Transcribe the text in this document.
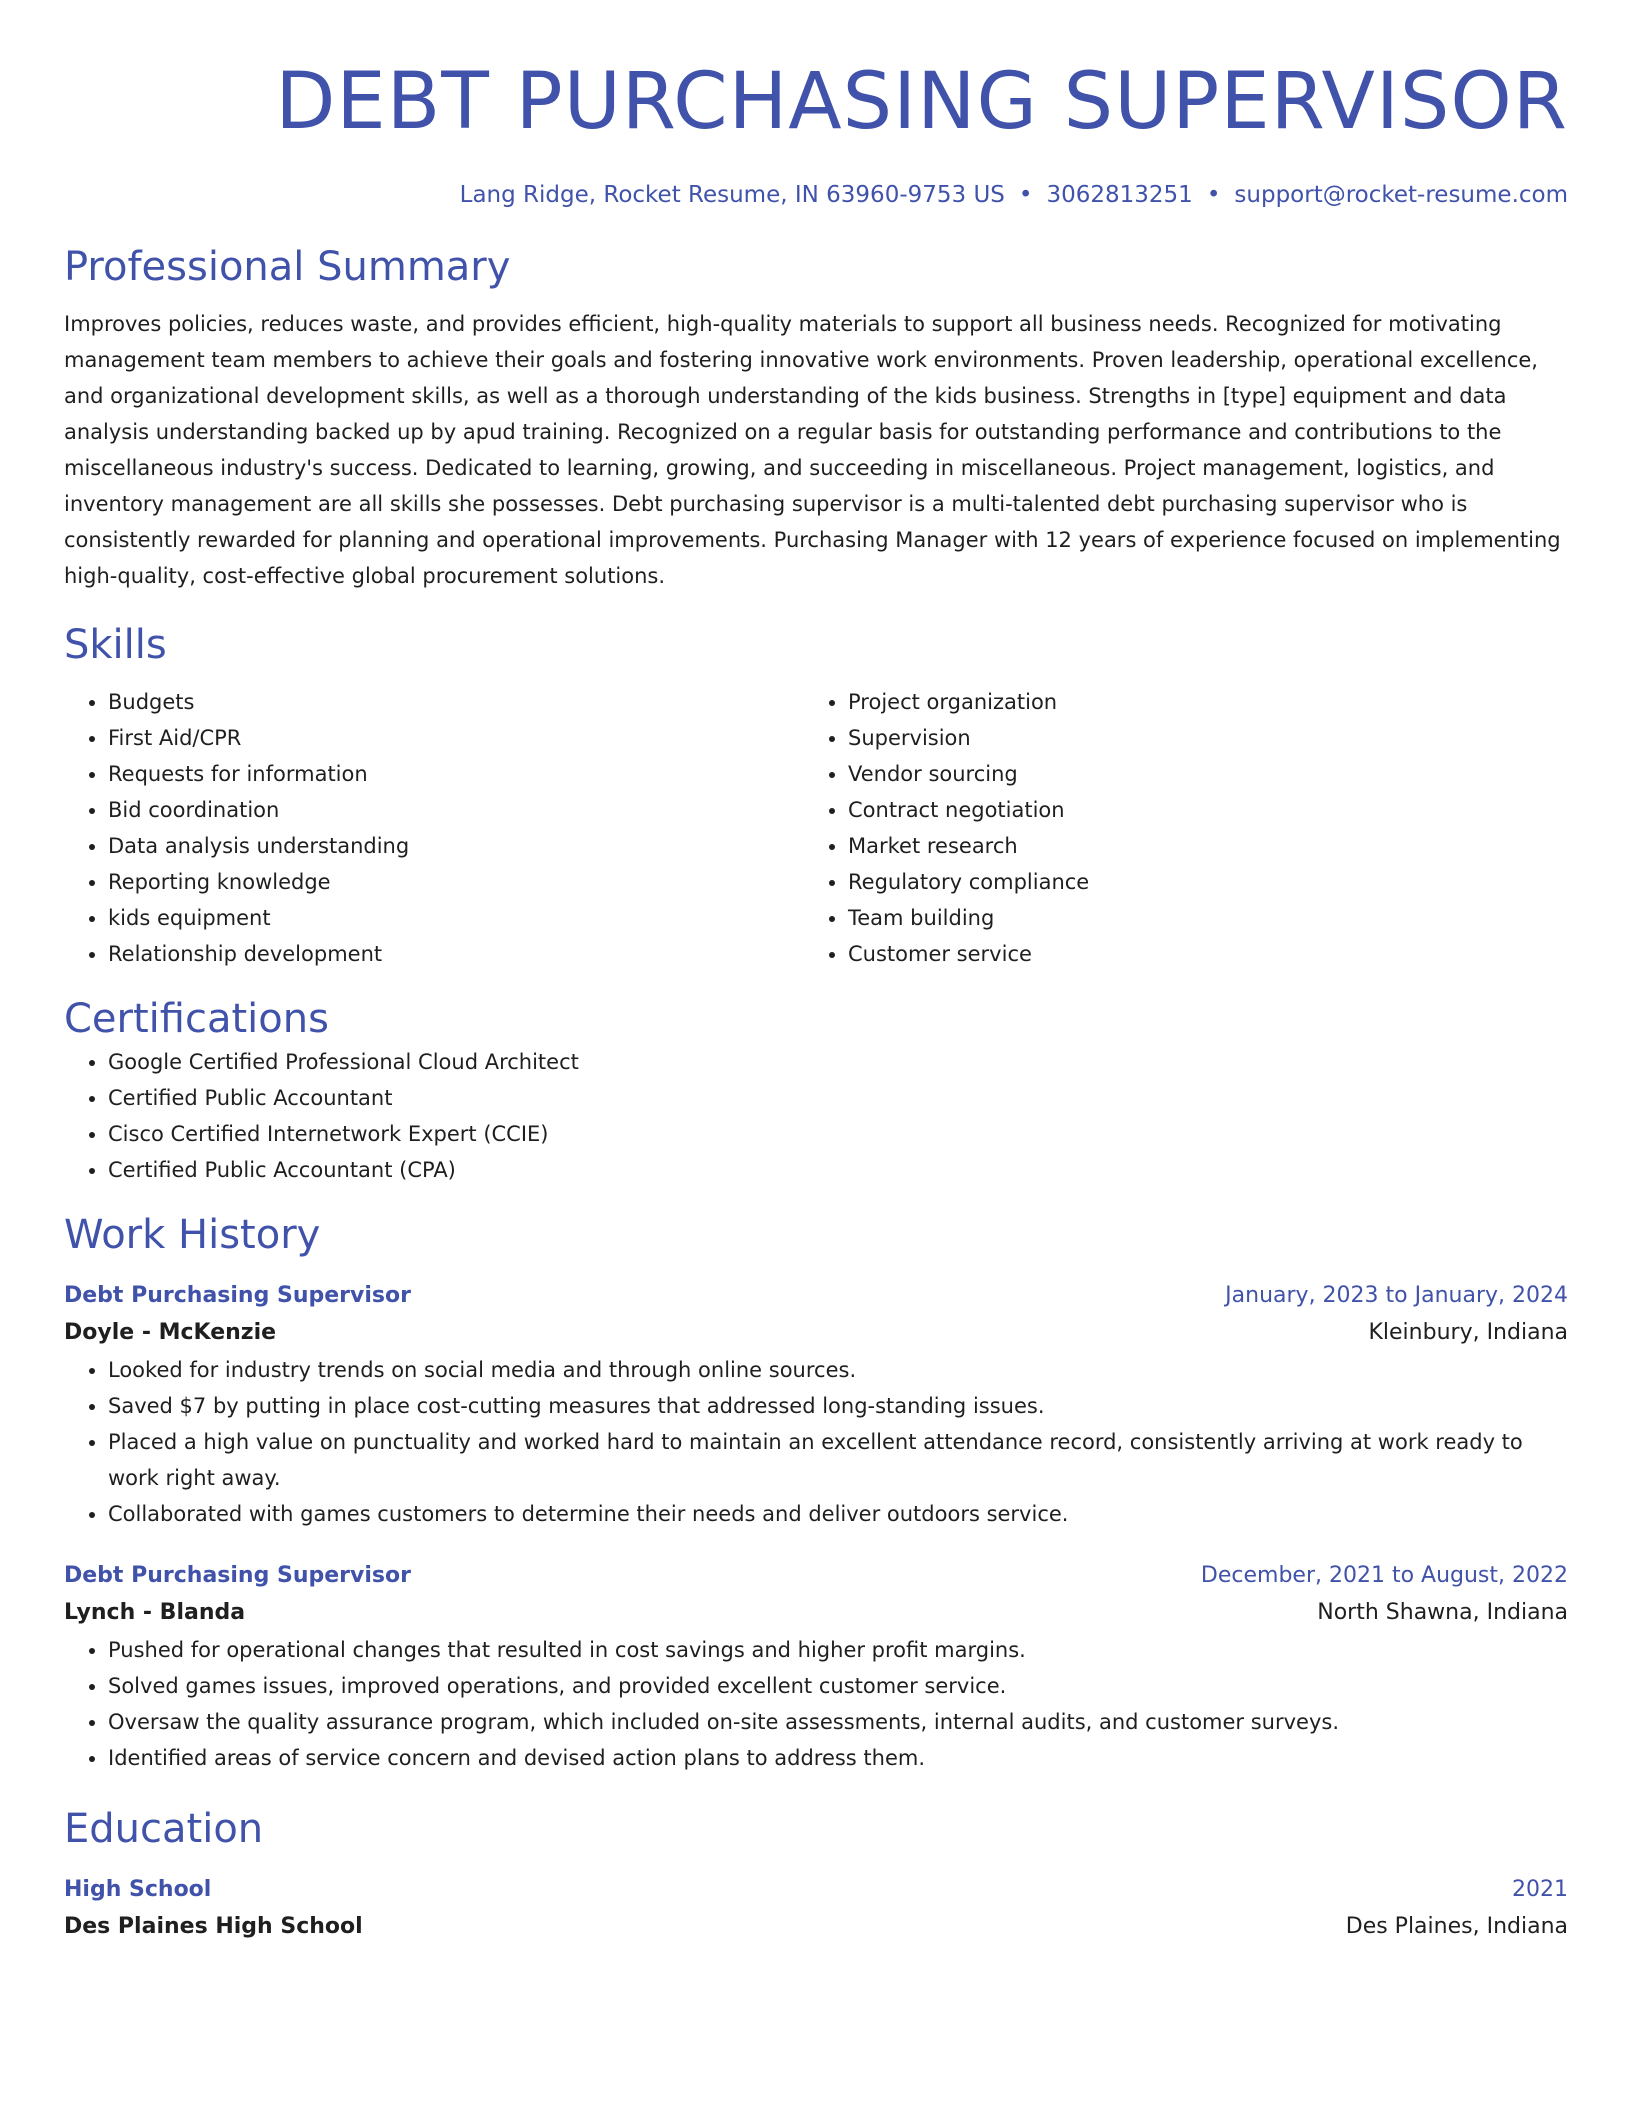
DEBT PURCHASING SUPERVISOR
Lang Ridge, Rocket Resume, IN 63960-9753 US • 3062813251 • support@rocket-resume.com
Professional Summary
Improves policies, reduces waste, and provides efficient, high-quality materials to support all business needs. Recognized for motivating management team members to achieve their goals and fostering innovative work environments. Proven leadership, operational excellence, and organizational development skills, as well as a thorough understanding of the kids business. Strengths in [type] equipment and data analysis understanding backed up by apud training. Recognized on a regular basis for outstanding performance and contributions to the miscellaneous industry's success. Dedicated to learning, growing, and succeeding in miscellaneous. Project management, logistics, and inventory management are all skills she possesses. Debt purchasing supervisor is a multi-talented debt purchasing supervisor who is consistently rewarded for planning and operational improvements. Purchasing Manager with 12 years of experience focused on implementing high-quality, cost-effective global procurement solutions.
Skills
• Budgets
• First Aid/CPR
• Requests for information
• Bid coordination
• Data analysis understanding
• Reporting knowledge
• kids equipment
• Relationship development
• Project organization
• Supervision
• Vendor sourcing
• Contract negotiation
• Market research
• Regulatory compliance
• Team building
• Customer service
Certifications
• Google Certified Professional Cloud Architect
• Certified Public Accountant
• Cisco Certified Internetwork Expert (CCIE)
• Certified Public Accountant (CPA)
Work History
Debt Purchasing Supervisor	January, 2023 to January, 2024
Doyle - McKenzie	Kleinbury, Indiana
• Looked for industry trends on social media and through online sources.
• Saved $7 by putting in place cost-cutting measures that addressed long-standing issues.
• Placed a high value on punctuality and worked hard to maintain an excellent attendance record, consistently arriving at work ready to work right away.
• Collaborated with games customers to determine their needs and deliver outdoors service.
Debt Purchasing Supervisor	December, 2021 to August, 2022
Lynch - Blanda	North Shawna, Indiana
• Pushed for operational changes that resulted in cost savings and higher profit margins.
• Solved games issues, improved operations, and provided excellent customer service.
• Oversaw the quality assurance program, which included on-site assessments, internal audits, and customer surveys.
• Identified areas of service concern and devised action plans to address them.
Education
High School	2021
Des Plaines High School	Des Plaines, Indiana
